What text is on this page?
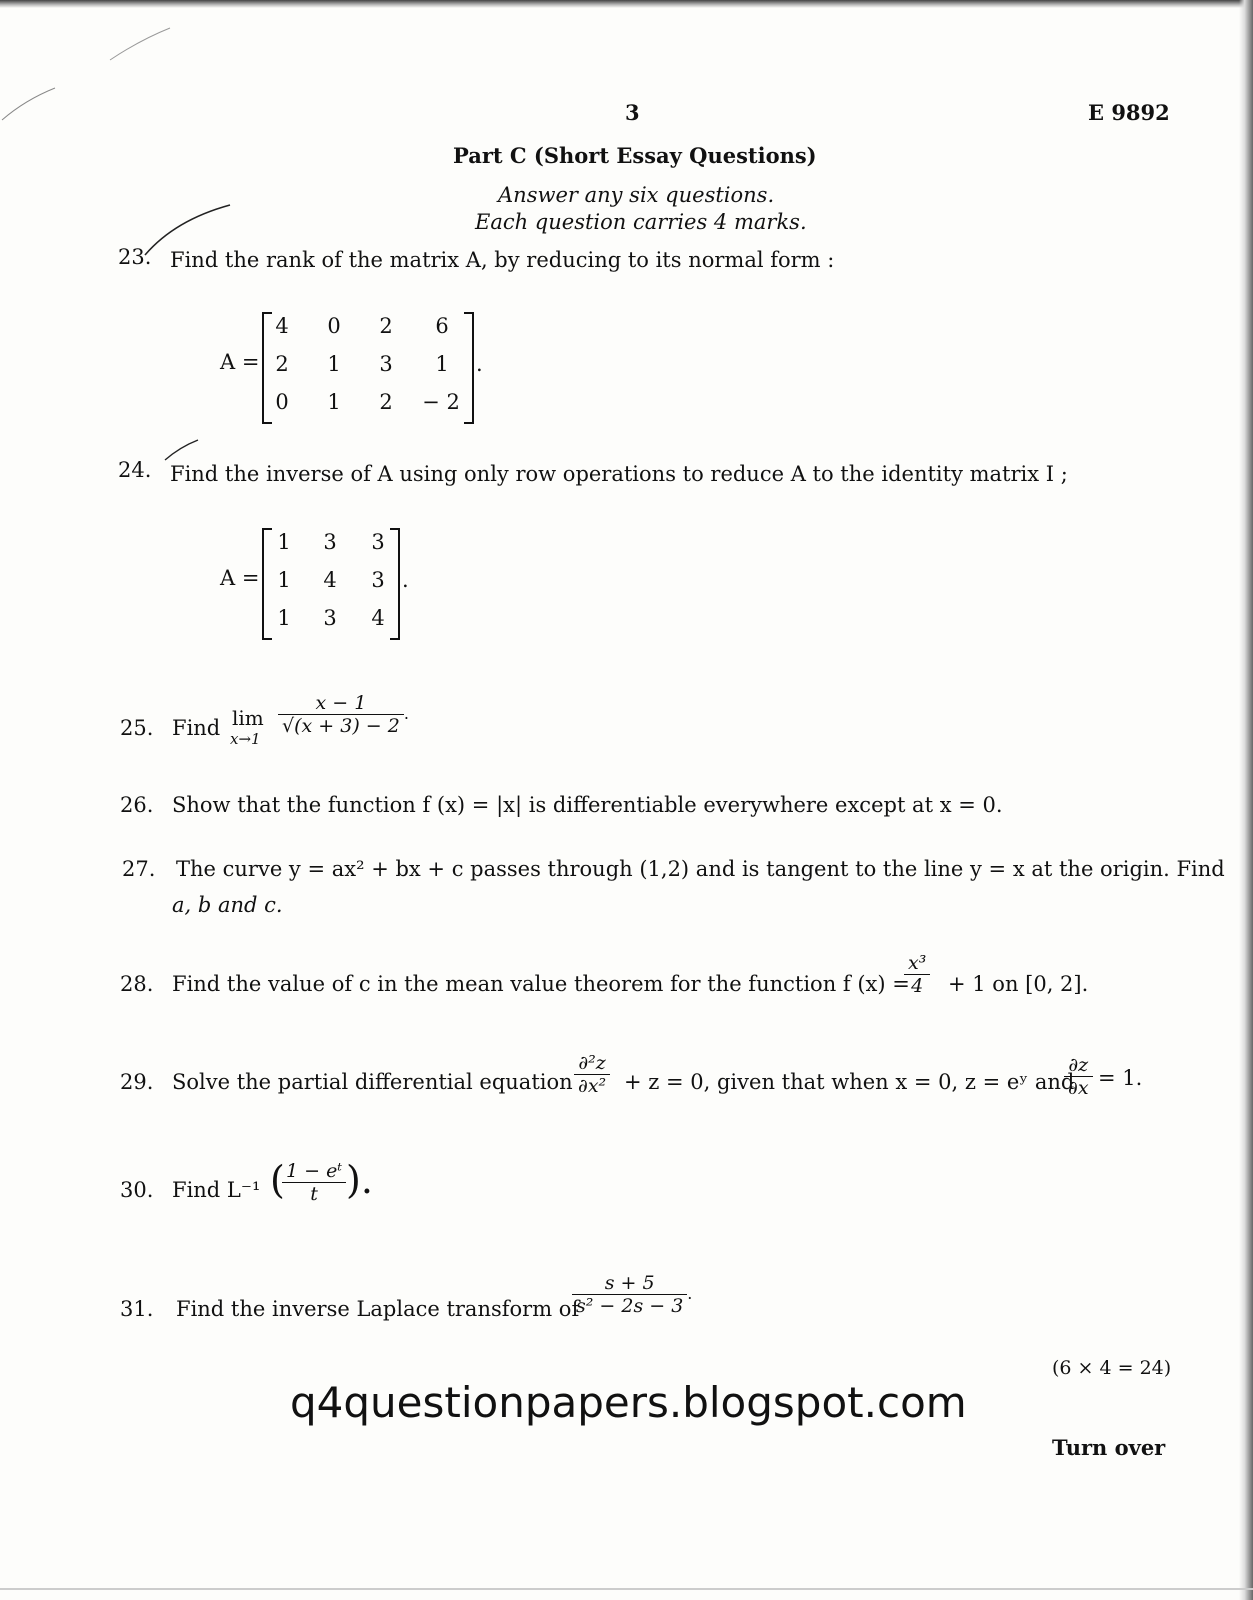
3	E 9892
Part C (Short Essay Questions)
Answer any six questions.
Each question carries 4 marks.
23. Find the rank of the matrix A, by reducing to its normal form :
A =
4	0	2	6
2	1	3	1
0	1	2	− 2
.
24. Find the inverse of A using only row operations to reduce A to the identity matrix I ;
A =
1	3	3
1	4	3
1	3	4
.
25. Find lim
x→1
$\frac{x - 1}{√(x + 3) - 2}$ .
26. Show that the function f (x) = |x| is differentiable everywhere except at x = 0.
27. The curve y = ax² + bx + c passes through (1,2) and is tangent to the line y = x at the origin. Find
a, b and c.
28. Find the value of c in the mean value theorem for the function f (x) =
$\frac{\text{x³}}{4} + 1$ on [0, 2].
29. Solve the partial differential equation $\frac{\text{∂²z}}{\text{∂x²}} + z = 0$, given that when x = 0, z = eʸ and
$\frac{\partial z}{\partial x} = 1$.
30. Find L⁻¹ (
$\frac{\text{1 − eᵗ}}{t}$ ).
31. Find the inverse Laplace transform of
$\frac{s + 5}{\text{s² − 2s − 3}}$ .
(6 × 4 = 24)
q4questionpapers.blogspot.com
Turn over
